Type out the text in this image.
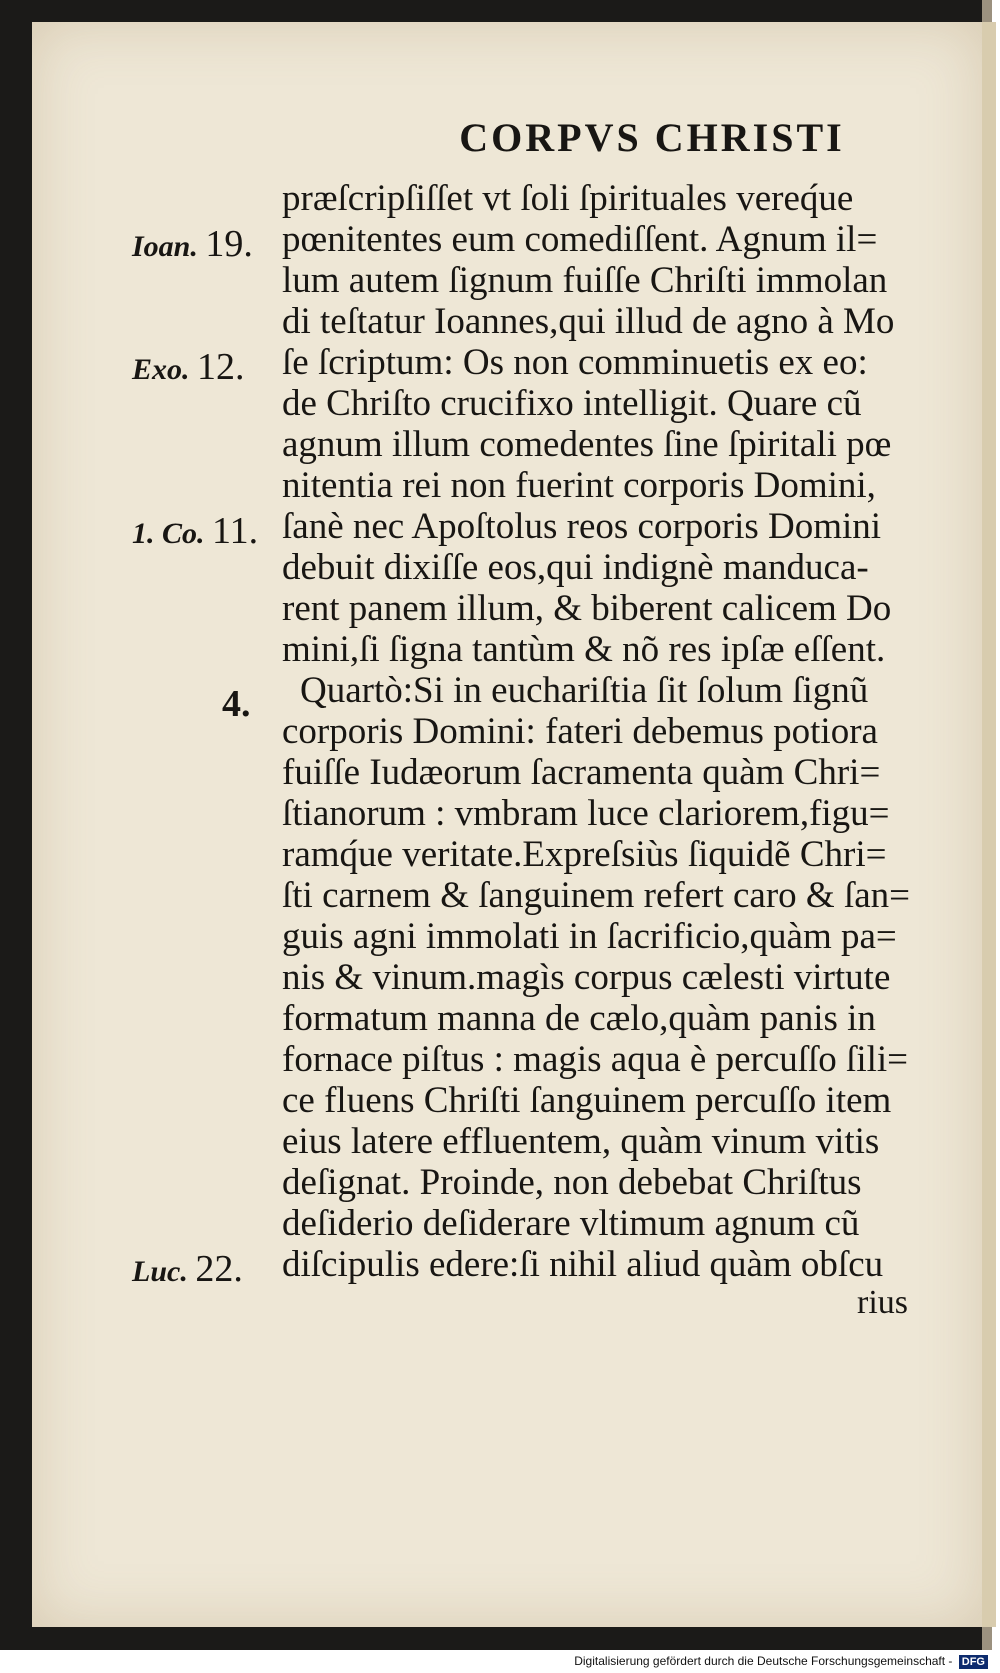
CORPVS CHRISTI
præſcripſiſſet vt ſoli ſpirituales vereq́ue
pœnitentes eum comediſſent. Agnum il=
lum autem ſignum fuiſſe Chriſti immolan
di teſtatur Ioannes,qui illud de agno à Mo
ſe ſcriptum: Os non comminuetis ex eo:
de Chriſto crucifixo intelligit. Quare cũ
agnum illum comedentes ſine ſpiritali pœ
nitentia rei non fuerint corporis Domini,
ſanè nec Apoſtolus reos corporis Domini
debuit dixiſſe eos,qui indignè manduca-
rent panem illum, & biberent calicem Do
mini,ſi ſigna tantùm & nõ res ipſæ eſſent.
Quartò:Si in euchariſtia ſit ſolum ſignũ
corporis Domini: fateri debemus potiora
fuiſſe Iudæorum ſacramenta quàm Chri=
ſtianorum : vmbram luce clariorem,figu=
ramq́ue veritate.Expreſsiùs ſiquidẽ Chri=
ſti carnem & ſanguinem refert caro & ſan=
guis agni immolati in ſacrificio,quàm pa=
nis & vinum.magìs corpus cælesti virtute
formatum manna de cælo,quàm panis in
fornace piſtus : magis aqua è percuſſo ſili=
ce fluens Chriſti ſanguinem percuſſo item
eius latere effluentem, quàm vinum vitis
deſignat. Proinde, non debebat Chriſtus
deſiderio deſiderare vltimum agnum cũ
diſcipulis edere:ſi nihil aliud quàm obſcu
Ioan. 19.
Exo. 12.
1. Co. 11.
4.
Luc. 22.
rius
Digitalisierung gefördert durch die Deutsche Forschungsgemeinschaft - DFG
